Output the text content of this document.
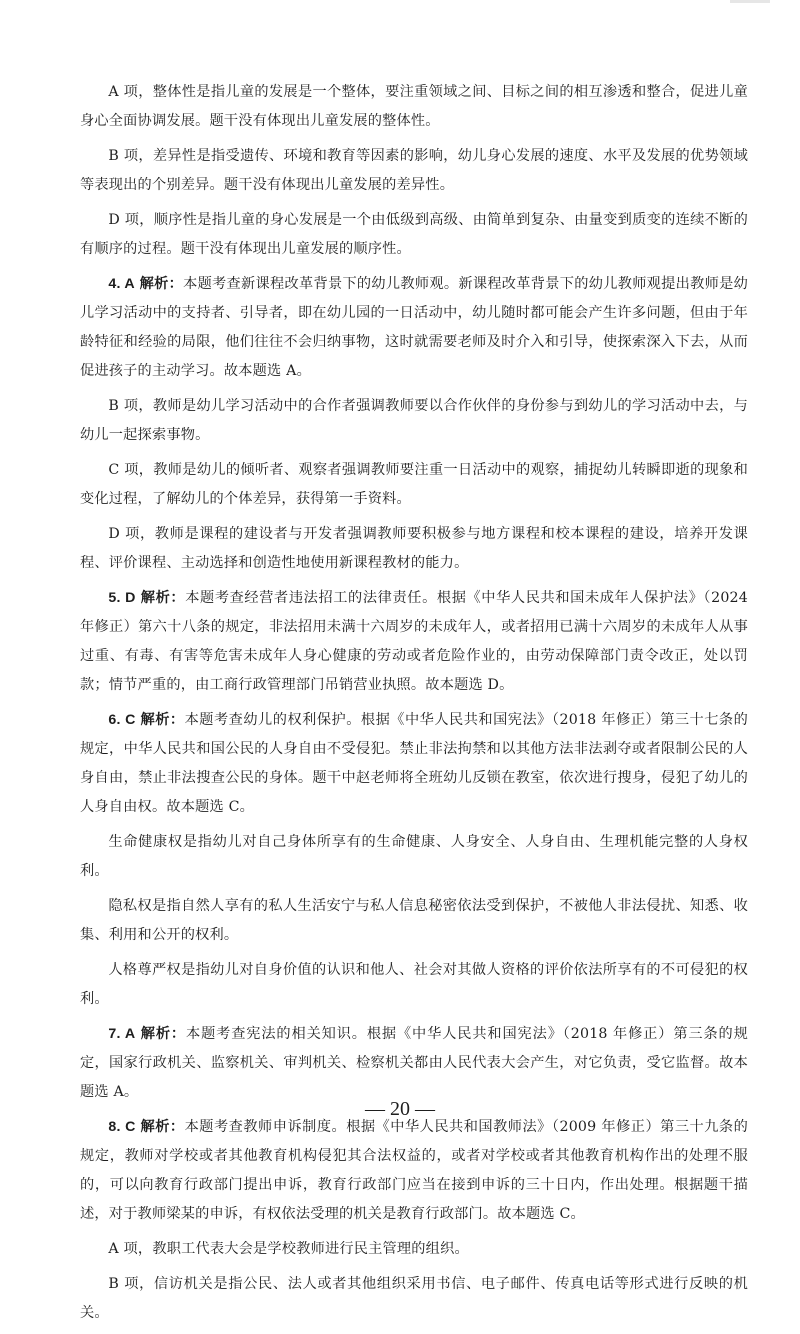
A 项，整体性是指儿童的发展是一个整体，要注重领域之间、目标之间的相互渗透和整合，促进儿童身心全面协调发展。题干没有体现出儿童发展的整体性。

B 项，差异性是指受遗传、环境和教育等因素的影响，幼儿身心发展的速度、水平及发展的优势领域等表现出的个别差异。题干没有体现出儿童发展的差异性。

D 项，顺序性是指儿童的身心发展是一个由低级到高级、由简单到复杂、由量变到质变的连续不断的有顺序的过程。题干没有体现出儿童发展的顺序性。

4. A 解析：本题考查新课程改革背景下的幼儿教师观。新课程改革背景下的幼儿教师观提出教师是幼儿学习活动中的支持者、引导者，即在幼儿园的一日活动中，幼儿随时都可能会产生许多问题，但由于年龄特征和经验的局限，他们往往不会归纳事物，这时就需要老师及时介入和引导，使探索深入下去，从而促进孩子的主动学习。故本题选 A。

B 项，教师是幼儿学习活动中的合作者强调教师要以合作伙伴的身份参与到幼儿的学习活动中去，与幼儿一起探索事物。

C 项，教师是幼儿的倾听者、观察者强调教师要注重一日活动中的观察，捕捉幼儿转瞬即逝的现象和变化过程，了解幼儿的个体差异，获得第一手资料。

D 项，教师是课程的建设者与开发者强调教师要积极参与地方课程和校本课程的建设，培养开发课程、评价课程、主动选择和创造性地使用新课程教材的能力。

5. D 解析：本题考查经营者违法招工的法律责任。根据《中华人民共和国未成年人保护法》（2024 年修正）第六十八条的规定，非法招用未满十六周岁的未成年人，或者招用已满十六周岁的未成年人从事过重、有毒、有害等危害未成年人身心健康的劳动或者危险作业的，由劳动保障部门责令改正，处以罚款；情节严重的，由工商行政管理部门吊销营业执照。故本题选 D。

6. C 解析：本题考查幼儿的权利保护。根据《中华人民共和国宪法》（2018 年修正）第三十七条的规定，中华人民共和国公民的人身自由不受侵犯。禁止非法拘禁和以其他方法非法剥夺或者限制公民的人身自由，禁止非法搜查公民的身体。题干中赵老师将全班幼儿反锁在教室，依次进行搜身，侵犯了幼儿的人身自由权。故本题选 C。

生命健康权是指幼儿对自己身体所享有的生命健康、人身安全、人身自由、生理机能完整的人身权利。

隐私权是指自然人享有的私人生活安宁与私人信息秘密依法受到保护，不被他人非法侵扰、知悉、收集、利用和公开的权利。

人格尊严权是指幼儿对自身价值的认识和他人、社会对其做人资格的评价依法所享有的不可侵犯的权利。

7. A 解析：本题考查宪法的相关知识。根据《中华人民共和国宪法》（2018 年修正）第三条的规定，国家行政机关、监察机关、审判机关、检察机关都由人民代表大会产生，对它负责，受它监督。故本题选 A。

8. C 解析：本题考查教师申诉制度。根据《中华人民共和国教师法》（2009 年修正）第三十九条的规定，教师对学校或者其他教育机构侵犯其合法权益的，或者对学校或者其他教育机构作出的处理不服的，可以向教育行政部门提出申诉，教育行政部门应当在接到申诉的三十日内，作出处理。根据题干描述，对于教师梁某的申诉，有权依法受理的机关是教育行政部门。故本题选 C。

A 项，教职工代表大会是学校教师进行民主管理的组织。

B 项，信访机关是指公民、法人或者其他组织采用书信、电子邮件、传真电话等形式进行反映的机关。

— 20 —
